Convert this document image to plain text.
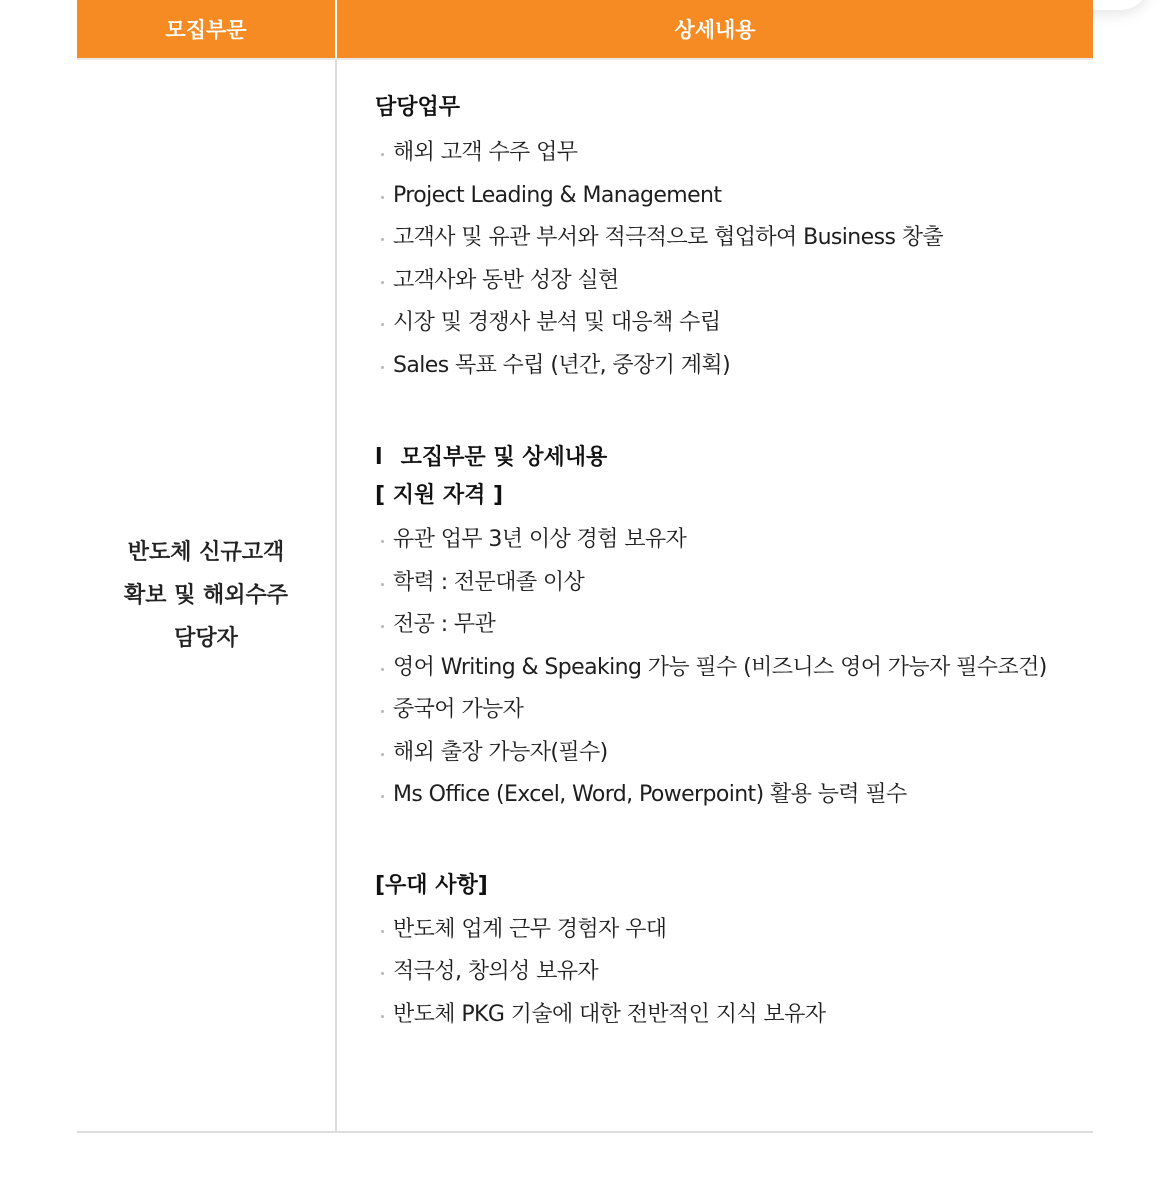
모집부문	상세내용
반도체 신규고객
확보 및 해외수주
담당자
담당업무
해외 고객 수주 업무
Project Leading & Management
고객사 및 유관 부서와 적극적으로 협업하여 Business 창출
고객사와 동반 성장 실현
시장 및 경쟁사 분석 및 대응책 수립
Sales 목표 수립 (년간, 중장기 계획)
l 모집부문 및 상세내용
[ 지원 자격 ]
유관 업무 3년 이상 경험 보유자
학력 : 전문대졸 이상
전공 : 무관
영어 Writing & Speaking 가능 필수 (비즈니스 영어 가능자 필수조건)
중국어 가능자
해외 출장 가능자(필수)
Ms Office (Excel, Word, Powerpoint) 활용 능력 필수
[우대 사항]
반도체 업계 근무 경험자 우대
적극성, 창의성 보유자
반도체 PKG 기술에 대한 전반적인 지식 보유자
